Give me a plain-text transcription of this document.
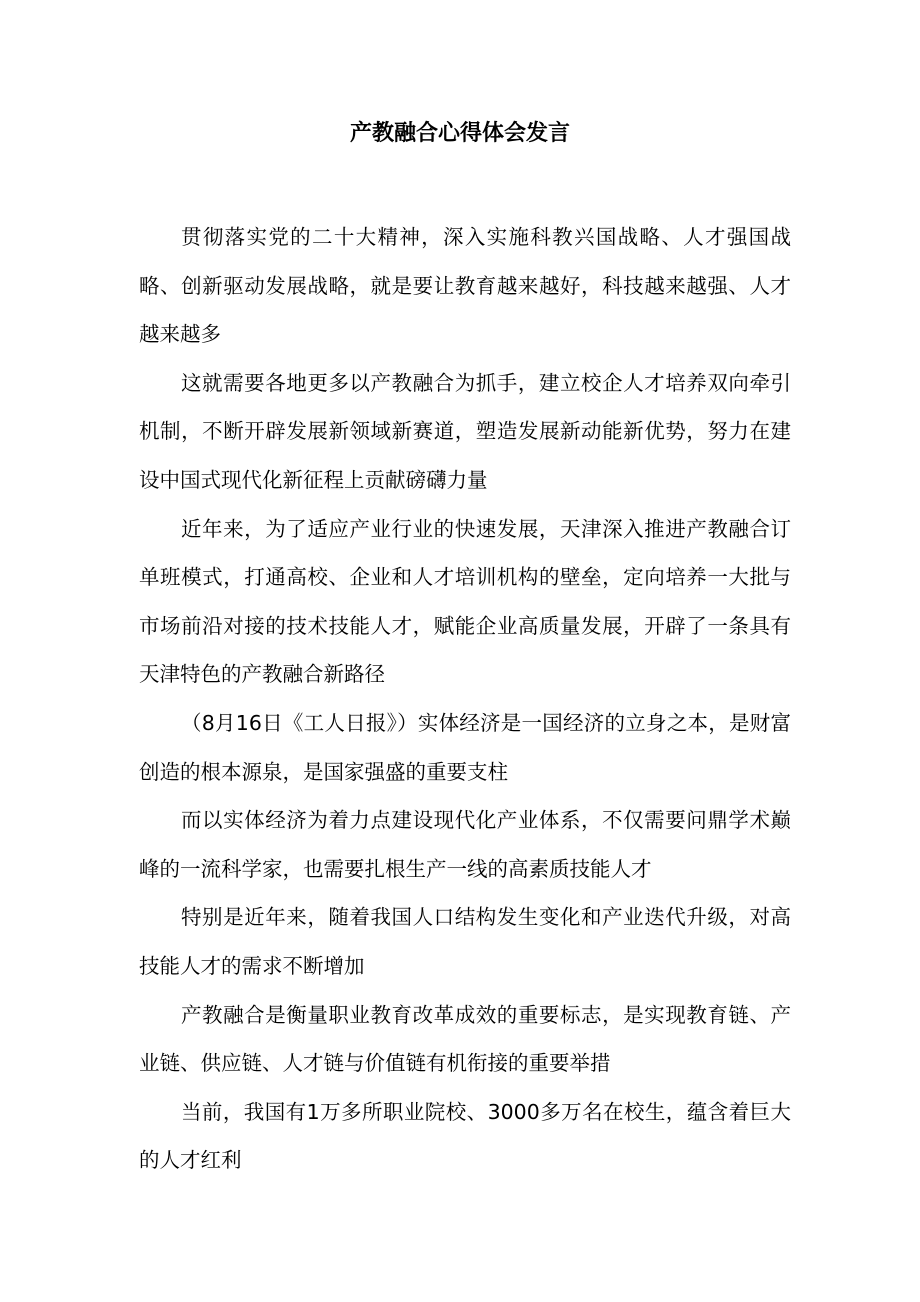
产教融合心得体会发言

贯彻落实党的二十大精神，深入实施科教兴国战略、人才强国战略、创新驱动发展战略，就是要让教育越来越好，科技越来越强、人才越来越多

这就需要各地更多以产教融合为抓手，建立校企人才培养双向牵引机制，不断开辟发展新领域新赛道，塑造发展新动能新优势，努力在建设中国式现代化新征程上贡献磅礴力量

近年来，为了适应产业行业的快速发展，天津深入推进产教融合订单班模式，打通高校、企业和人才培训机构的壁垒，定向培养一大批与市场前沿对接的技术技能人才，赋能企业高质量发展，开辟了一条具有天津特色的产教融合新路径

（8月16日《工人日报》）实体经济是一国经济的立身之本，是财富创造的根本源泉，是国家强盛的重要支柱

而以实体经济为着力点建设现代化产业体系，不仅需要问鼎学术巅峰的一流科学家，也需要扎根生产一线的高素质技能人才

特别是近年来，随着我国人口结构发生变化和产业迭代升级，对高技能人才的需求不断增加

产教融合是衡量职业教育改革成效的重要标志，是实现教育链、产业链、供应链、人才链与价值链有机衔接的重要举措

当前，我国有1万多所职业院校、3000多万名在校生，蕴含着巨大的人才红利
